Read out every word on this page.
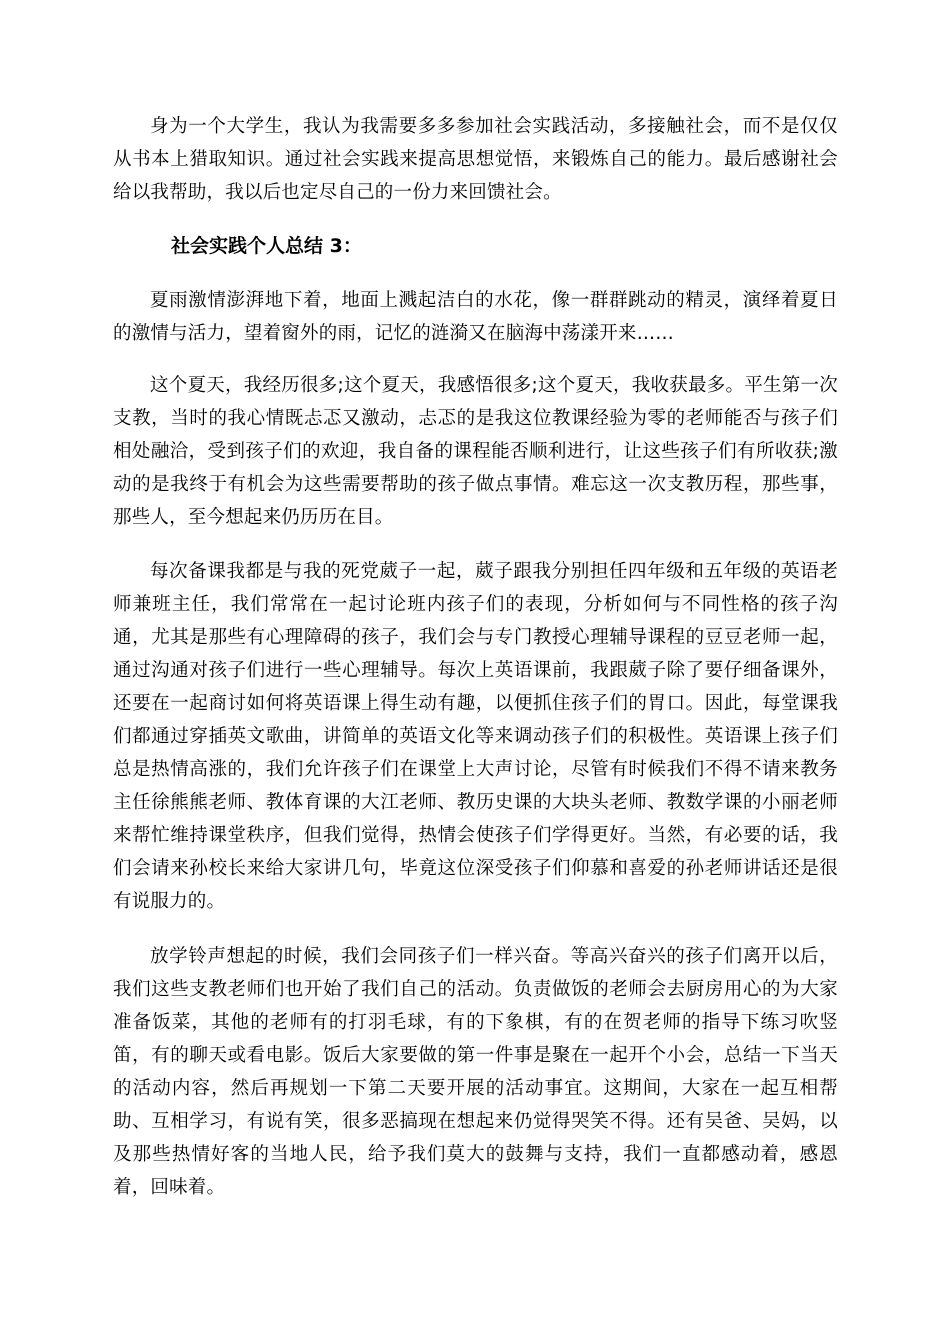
身为一个大学生，我认为我需要多多参加社会实践活动，多接触社会，而不是仅仅从书本上猎取知识。通过社会实践来提高思想觉悟，来锻炼自己的能力。最后感谢社会给以我帮助，我以后也定尽自己的一份力来回馈社会。

社会实践个人总结 3：

夏雨激情澎湃地下着，地面上溅起洁白的水花，像一群群跳动的精灵，演绎着夏日的激情与活力，望着窗外的雨，记忆的涟漪又在脑海中荡漾开来……

这个夏天，我经历很多;这个夏天，我感悟很多;这个夏天，我收获最多。平生第一次支教，当时的我心情既忐忑又激动，忐忑的是我这位教课经验为零的老师能否与孩子们相处融洽，受到孩子们的欢迎，我自备的课程能否顺利进行，让这些孩子们有所收获;激动的是我终于有机会为这些需要帮助的孩子做点事情。难忘这一次支教历程，那些事，那些人，至今想起来仍历历在目。

每次备课我都是与我的死党葳子一起，葳子跟我分别担任四年级和五年级的英语老师兼班主任，我们常常在一起讨论班内孩子们的表现，分析如何与不同性格的孩子沟通，尤其是那些有心理障碍的孩子，我们会与专门教授心理辅导课程的豆豆老师一起，通过沟通对孩子们进行一些心理辅导。每次上英语课前，我跟葳子除了要仔细备课外，还要在一起商讨如何将英语课上得生动有趣，以便抓住孩子们的胃口。因此，每堂课我们都通过穿插英文歌曲，讲简单的英语文化等来调动孩子们的积极性。英语课上孩子们总是热情高涨的，我们允许孩子们在课堂上大声讨论，尽管有时候我们不得不请来教务主任徐熊熊老师、教体育课的大江老师、教历史课的大块头老师、教数学课的小丽老师来帮忙维持课堂秩序，但我们觉得，热情会使孩子们学得更好。当然，有必要的话，我们会请来孙校长来给大家讲几句，毕竟这位深受孩子们仰慕和喜爱的孙老师讲话还是很有说服力的。

放学铃声想起的时候，我们会同孩子们一样兴奋。等高兴奋兴的孩子们离开以后，我们这些支教老师们也开始了我们自己的活动。负责做饭的老师会去厨房用心的为大家准备饭菜，其他的老师有的打羽毛球，有的下象棋，有的在贺老师的指导下练习吹竖笛，有的聊天或看电影。饭后大家要做的第一件事是聚在一起开个小会，总结一下当天的活动内容，然后再规划一下第二天要开展的活动事宜。这期间，大家在一起互相帮助、互相学习，有说有笑，很多恶搞现在想起来仍觉得哭笑不得。还有吴爸、吴妈，以及那些热情好客的当地人民，给予我们莫大的鼓舞与支持，我们一直都感动着，感恩着，回味着。
